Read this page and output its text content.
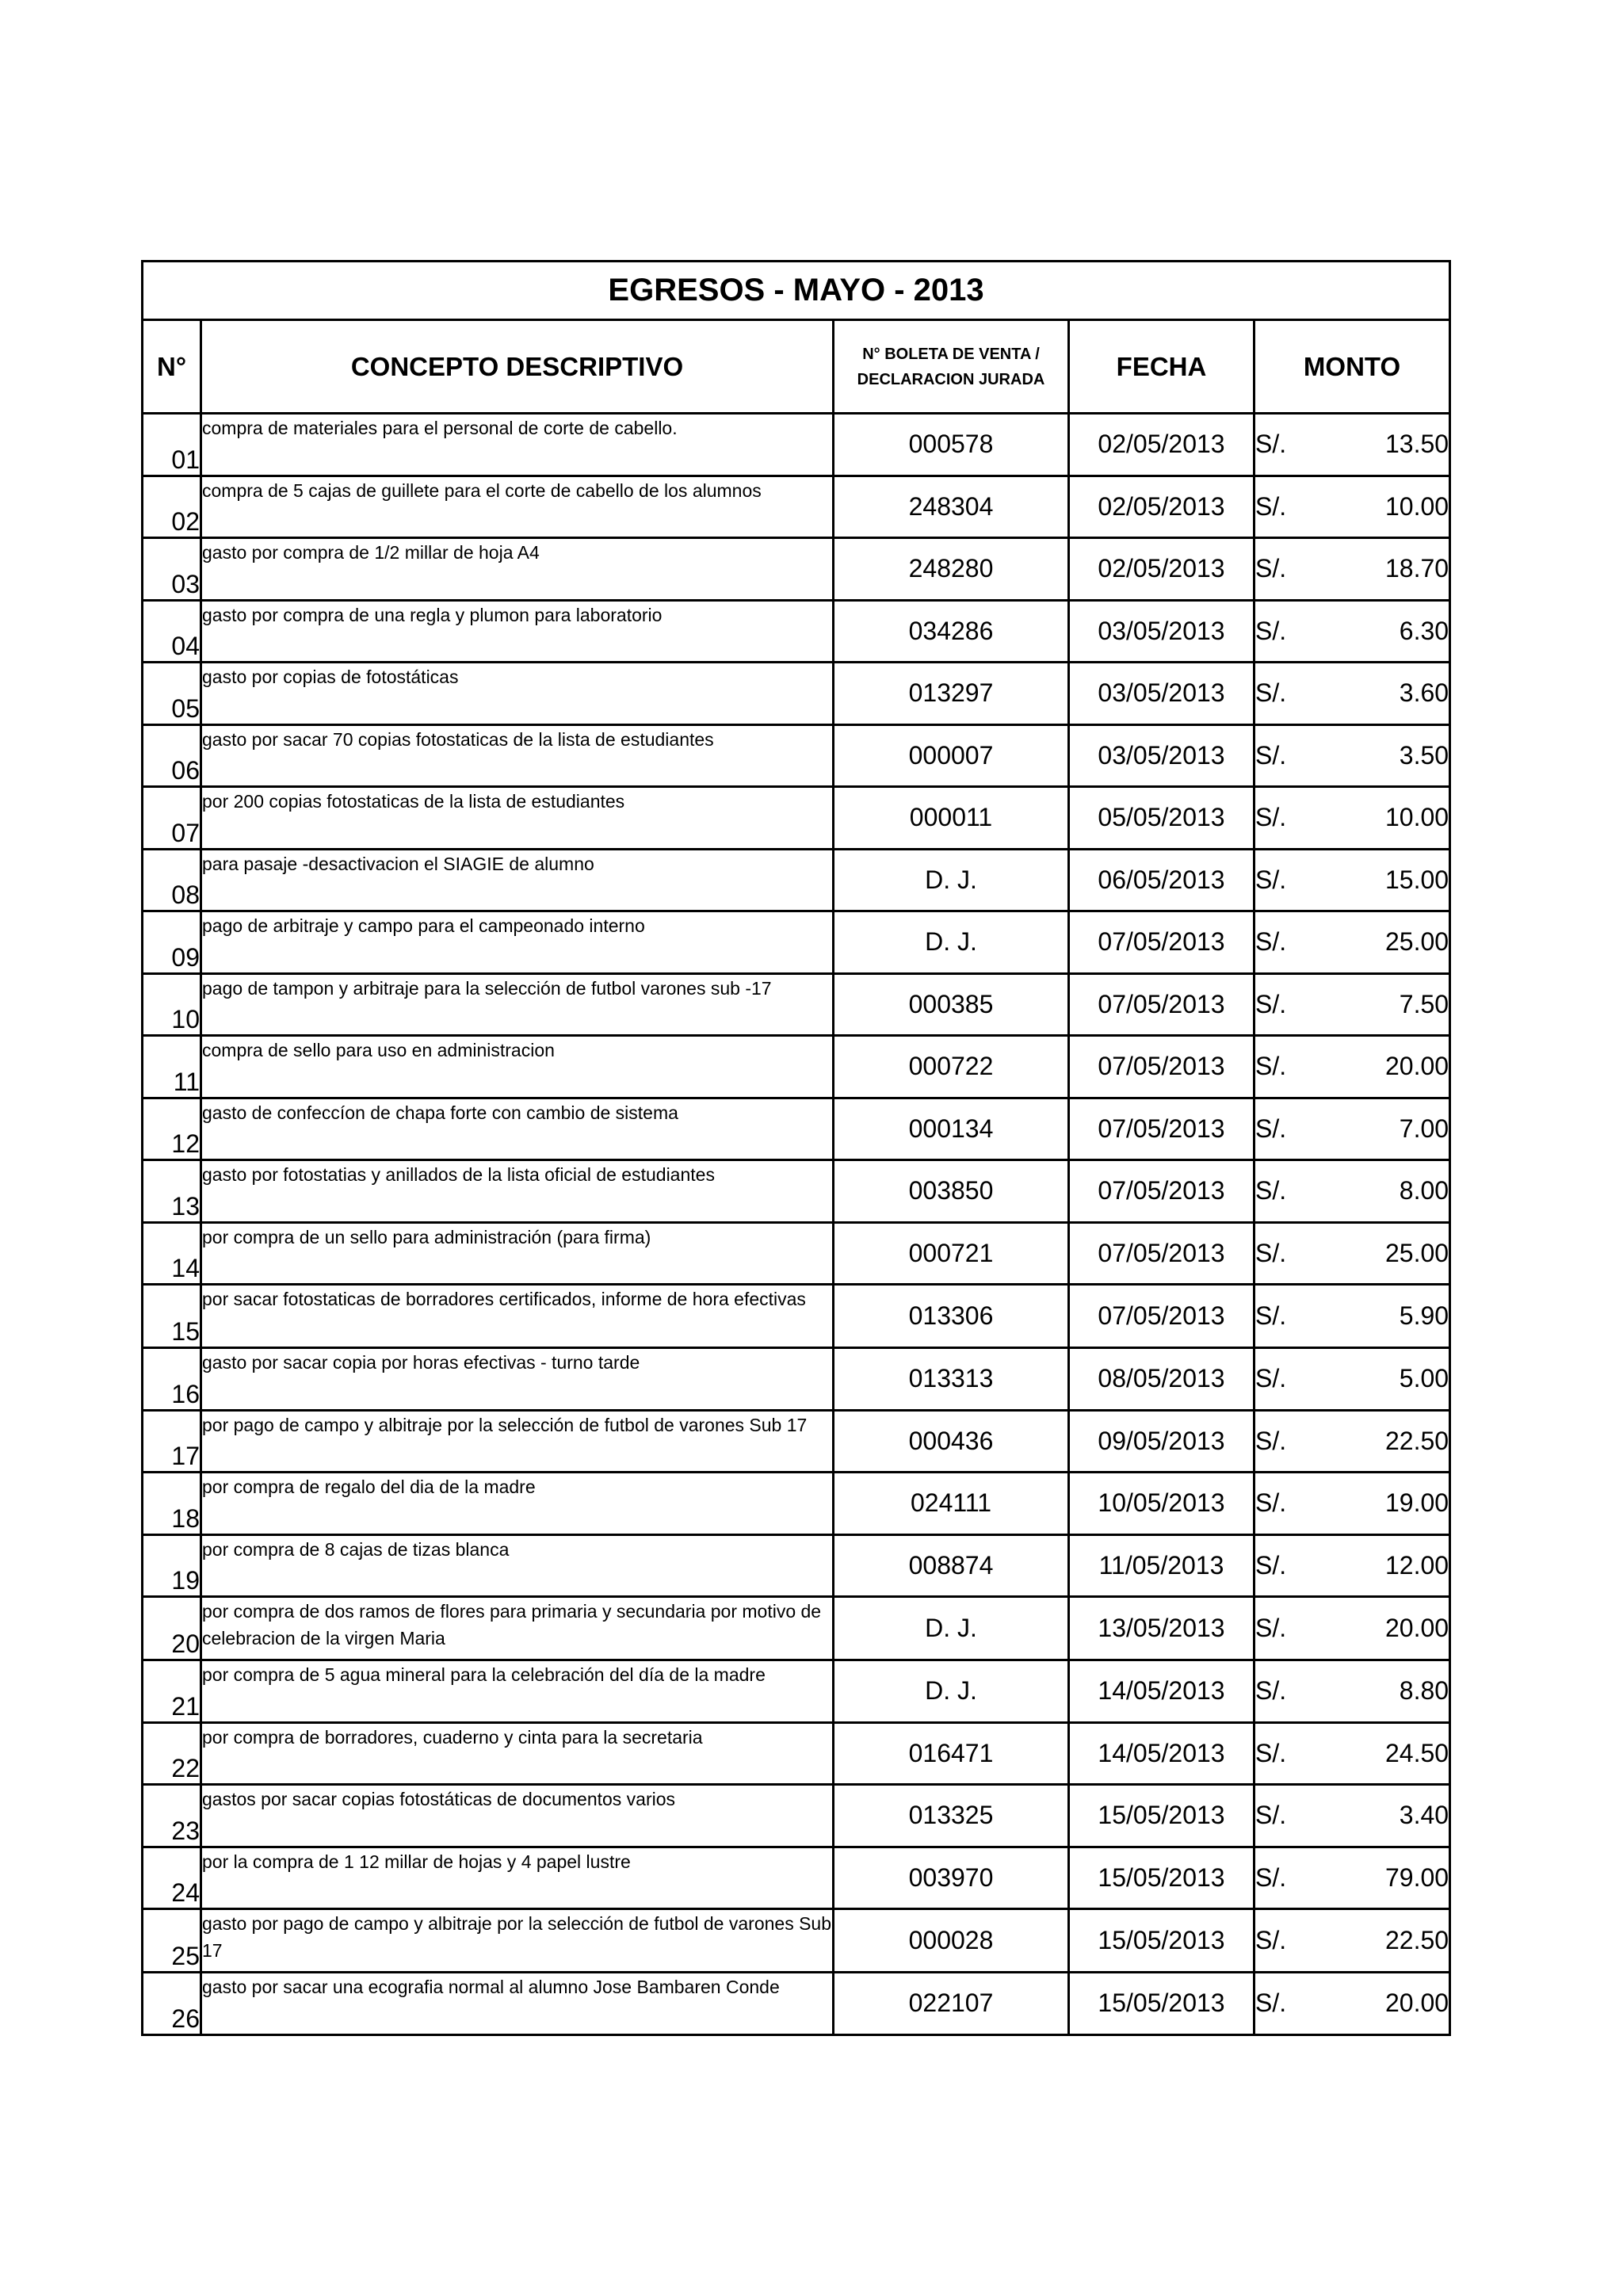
EGRESOS - MAYO - 2013				
N°	CONCEPTO DESCRIPTIVO	N° BOLETA DE VENTA /
DECLARACION JURADA	FECHA	MONTO
01	compra de materiales para el personal de corte de cabello.	000578	02/05/2013	S/. 13.50

02	compra de 5 cajas de guillete para el corte de cabello de los alumnos	248304	02/05/2013	S/. 10.00

03	gasto por compra de 1/2 millar de hoja A4	248280	02/05/2013	S/. 18.70

04	gasto por compra de una regla y plumon para laboratorio	034286	03/05/2013	S/. 6.30

05	gasto por copias de fotostáticas	013297	03/05/2013	S/. 3.60

06	gasto por sacar 70 copias fotostaticas de la lista de estudiantes	000007	03/05/2013	S/. 3.50

07	por 200 copias fotostaticas de la lista de estudiantes	000011	05/05/2013	S/. 10.00

08	para pasaje -desactivacion el SIAGIE de alumno	D. J.	06/05/2013	S/. 15.00

09	pago de arbitraje y campo para el campeonado interno	D. J.	07/05/2013	S/. 25.00

10	pago de tampon y arbitraje para la selección de futbol varones sub -17	000385	07/05/2013	S/. 7.50

11	compra de sello para uso en administracion	000722	07/05/2013	S/. 20.00

12	gasto de confeccíon de chapa forte con cambio de sistema	000134	07/05/2013	S/. 7.00

13	gasto por fotostatias y anillados de la lista oficial de estudiantes	003850	07/05/2013	S/. 8.00

14	por compra de un sello para administración (para firma)	000721	07/05/2013	S/. 25.00

15	por sacar fotostaticas de borradores certificados, informe de hora efectivas	013306	07/05/2013	S/. 5.90

16	gasto por sacar copia por horas efectivas - turno tarde	013313	08/05/2013	S/. 5.00

17	por pago de campo y albitraje por la selección de futbol de varones Sub 17	000436	09/05/2013	S/. 22.50

18	por compra de regalo del dia de la madre	024111	10/05/2013	S/. 19.00

19	por compra de 8 cajas de tizas blanca	008874	11/05/2013	S/. 12.00

20	por compra de dos ramos de flores para primaria y secundaria por motivo de celebracion de la virgen Maria	D. J.	13/05/2013	S/. 20.00

21	por compra de 5 agua mineral para la celebración del día de la madre	D. J.	14/05/2013	S/. 8.80

22	por compra de borradores, cuaderno y cinta para la secretaria	016471	14/05/2013	S/. 24.50

23	gastos por sacar copias fotostáticas de documentos varios	013325	15/05/2013	S/. 3.40

24	por la compra de 1 12 millar de hojas y 4 papel lustre	003970	15/05/2013	S/. 79.00

25	gasto por pago de campo y albitraje por la selección de futbol de varones Sub 17	000028	15/05/2013	S/. 22.50

26	gasto por sacar una ecografia normal al alumno Jose Bambaren Conde	022107	15/05/2013	S/. 20.00
